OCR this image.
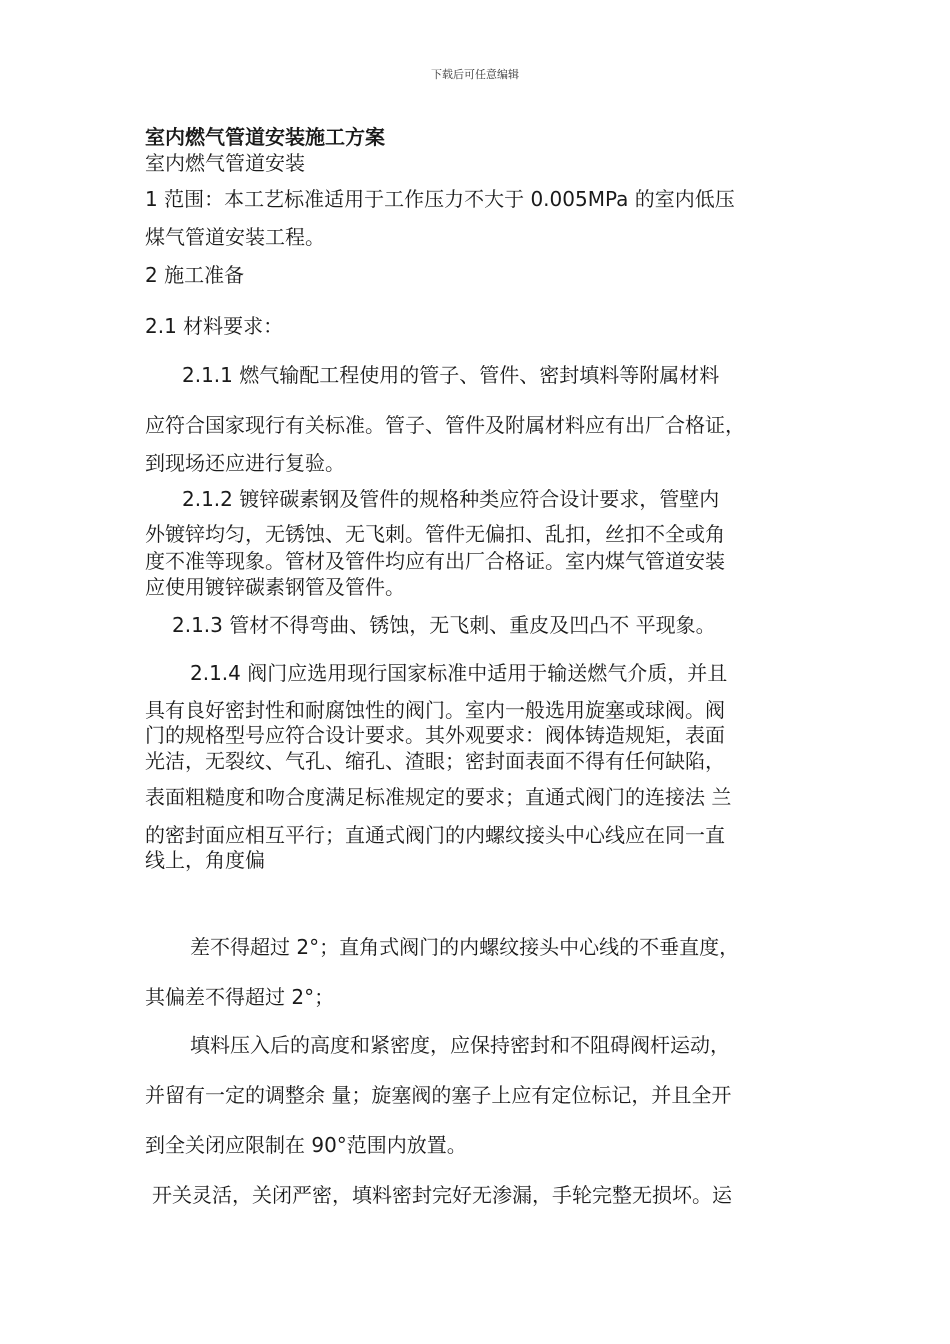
下载后可任意编辑
室内燃气管道安装施工方案
室内燃气管道安装
1 范围：本工艺标准适用于工作压力不大于 0.005MPa 的室内低压
煤气管道安装工程。
2 施工准备
2.1 材料要求：
2.1.1 燃气输配工程使用的管子、管件、密封填料等附属材料
应符合国家现行有关标准。管子、管件及附属材料应有出厂合格证，
到现场还应进行复验。
2.1.2 镀锌碳素钢及管件的规格种类应符合设计要求，管壁内
外镀锌均匀，无锈蚀、无飞刺。管件无偏扣、乱扣，丝扣不全或角
度不准等现象。管材及管件均应有出厂合格证。室内煤气管道安装
应使用镀锌碳素钢管及管件。
2.1.3 管材不得弯曲、锈蚀，无飞刺、重皮及凹凸不 平现象。
2.1.4 阀门应选用现行国家标准中适用于输送燃气介质，并且
具有良好密封性和耐腐蚀性的阀门。室内一般选用旋塞或球阀。阀
门的规格型号应符合设计要求。其外观要求：阀体铸造规矩，表面
光洁，无裂纹、气孔、缩孔、渣眼；密封面表面不得有任何缺陷，
表面粗糙度和吻合度满足标准规定的要求；直通式阀门的连接法 兰
的密封面应相互平行；直通式阀门的内螺纹接头中心线应在同一直
线上，角度偏
差不得超过 2°；直角式阀门的内螺纹接头中心线的不垂直度，
其偏差不得超过 2°；
填料压入后的高度和紧密度，应保持密封和不阻碍阀杆运动，
并留有一定的调整余 量；旋塞阀的塞子上应有定位标记，并且全开
到全关闭应限制在 90°范围内放置。
开关灵活，关闭严密，填料密封完好无渗漏，手轮完整无损坏。运
